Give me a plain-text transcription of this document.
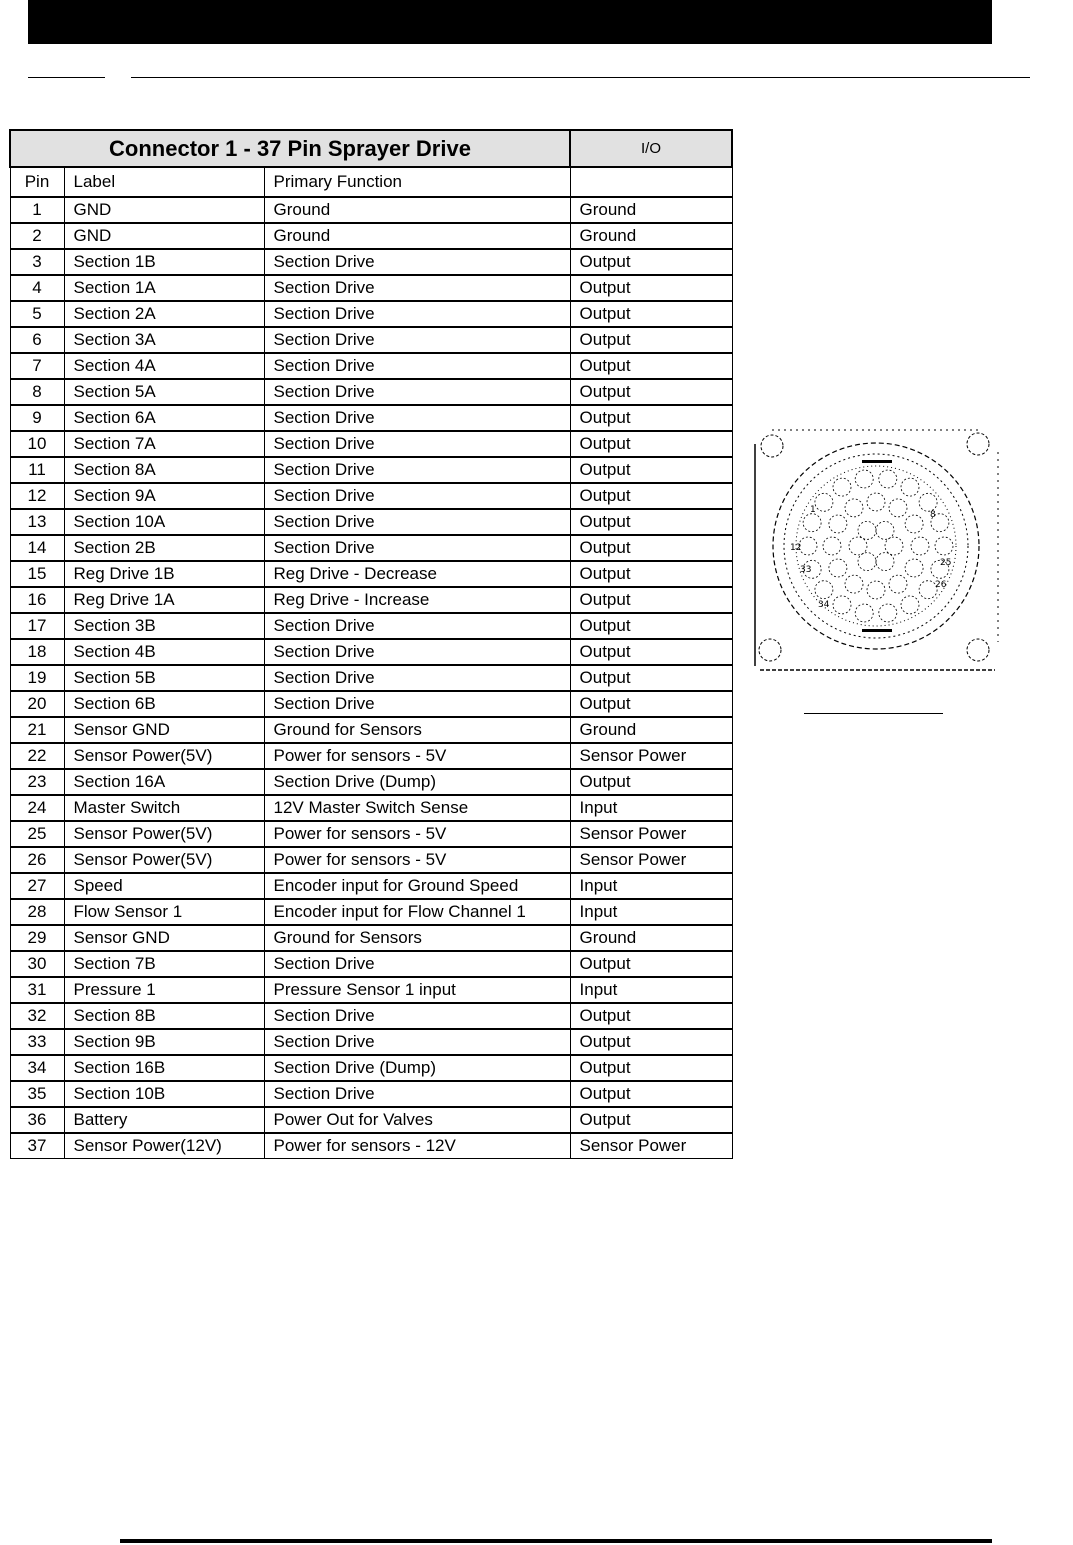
Connector 1 - 37 Pin Sprayer Drive			I/O
Pin	Label	Primary Function	
1	GND	Ground	Ground
2	GND	Ground	Ground
3	Section 1B	Section Drive	Output
4	Section 1A	Section Drive	Output
5	Section 2A	Section Drive	Output
6	Section 3A	Section Drive	Output
7	Section 4A	Section Drive	Output
8	Section 5A	Section Drive	Output
9	Section 6A	Section Drive	Output
10	Section 7A	Section Drive	Output
11	Section 8A	Section Drive	Output
12	Section 9A	Section Drive	Output
13	Section 10A	Section Drive	Output
14	Section 2B	Section Drive	Output
15	Reg Drive 1B	Reg Drive - Decrease	Output
16	Reg Drive 1A	Reg Drive - Increase	Output
17	Section 3B	Section Drive	Output
18	Section 4B	Section Drive	Output
19	Section 5B	Section Drive	Output
20	Section 6B	Section Drive	Output
21	Sensor GND	Ground for Sensors	Ground
22	Sensor Power(5V)	Power for sensors - 5V	Sensor Power
23	Section 16A	Section Drive (Dump)	Output
24	Master Switch	12V Master Switch Sense	Input
25	Sensor Power(5V)	Power for sensors - 5V	Sensor Power
26	Sensor Power(5V)	Power for sensors - 5V	Sensor Power
27	Speed	Encoder input for Ground Speed	Input
28	Flow Sensor 1	Encoder input for Flow Channel 1	Input
29	Sensor GND	Ground for Sensors	Ground
30	Section 7B	Section Drive	Output
31	Pressure 1	Pressure Sensor 1 input	Input
32	Section 8B	Section Drive	Output
33	Section 9B	Section Drive	Output
34	Section 16B	Section Drive (Dump)	Output
35	Section 10B	Section Drive	Output
36	Battery	Power Out for Valves	Output
37	Sensor Power(12V)	Power for sensors - 12V	Sensor Power
1	8
12
25
26
33
34
